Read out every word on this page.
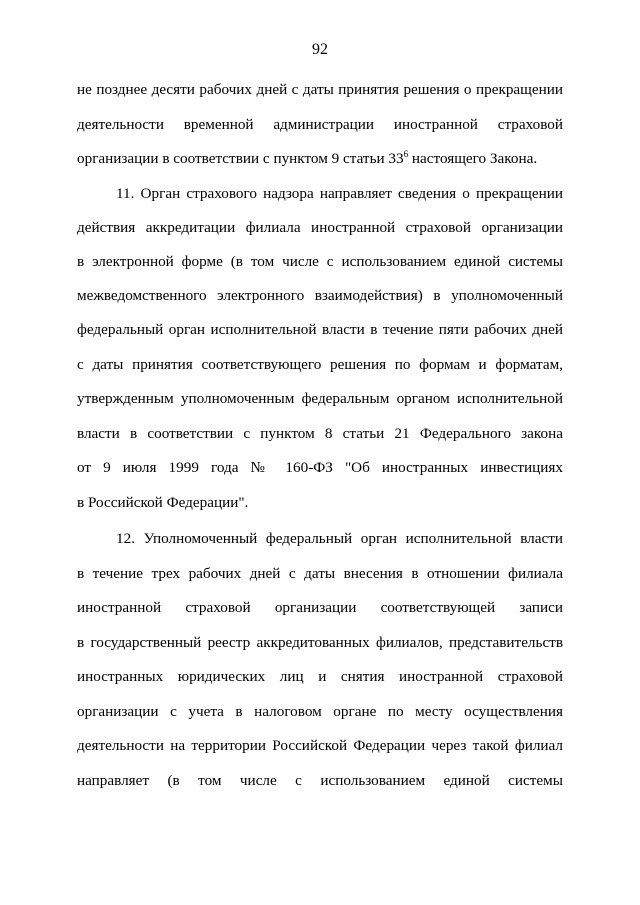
92
не позднее десяти рабочих дней с даты принятия решения о прекращении
деятельности временной администрации иностранной страховой
организации в соответствии с пунктом 9 статьи $33^6$ настоящего Закона.
11. Орган страхового надзора направляет сведения о прекращении
действия аккредитации филиала иностранной страховой организации
в электронной форме (в том числе с использованием единой системы
межведомственного электронного взаимодействия) в уполномоченный
федеральный орган исполнительной власти в течение пяти рабочих дней
с даты принятия соответствующего решения по формам и форматам,
утвержденным уполномоченным федеральным органом исполнительной
власти в соответствии с пунктом 8 статьи 21 Федерального закона
от 9 июля 1999 года № 160-ФЗ "Об иностранных инвестициях
в Российской Федерации".
12. Уполномоченный федеральный орган исполнительной власти
в течение трех рабочих дней с даты внесения в отношении филиала
иностранной страховой организации соответствующей записи
в государственный реестр аккредитованных филиалов, представительств
иностранных юридических лиц и снятия иностранной страховой
организации с учета в налоговом органе по месту осуществления
деятельности на территории Российской Федерации через такой филиал
направляет (в том числе с использованием единой системы
